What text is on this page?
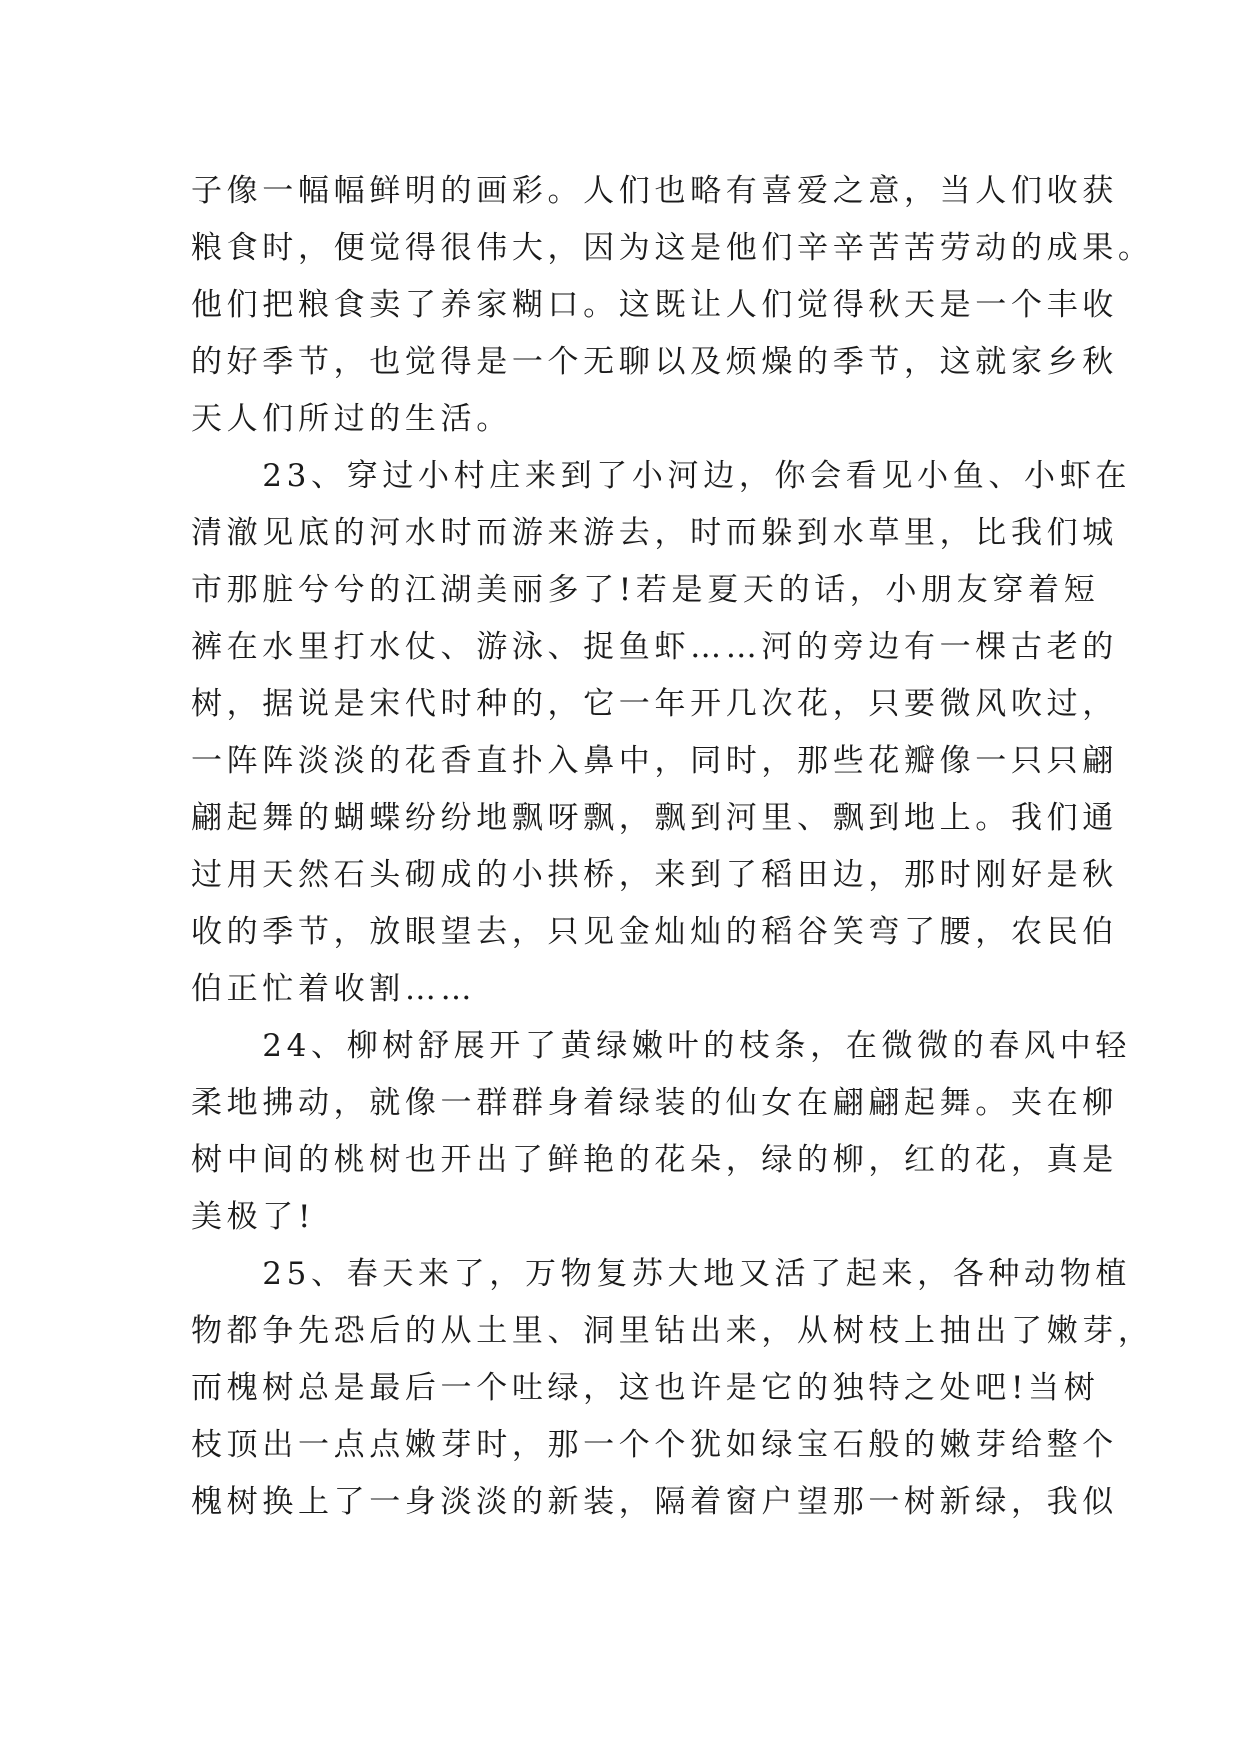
子像一幅幅鲜明的画彩。人们也略有喜爱之意，当人们收获
粮食时，便觉得很伟大，因为这是他们辛辛苦苦劳动的成果。
他们把粮食卖了养家糊口。这既让人们觉得秋天是一个丰收
的好季节，也觉得是一个无聊以及烦燥的季节，这就家乡秋
天人们所过的生活。
　　23、穿过小村庄来到了小河边，你会看见小鱼、小虾在
清澈见底的河水时而游来游去，时而躲到水草里，比我们城
市那脏兮兮的江湖美丽多了!若是夏天的话，小朋友穿着短
裤在水里打水仗、游泳、捉鱼虾……河的旁边有一棵古老的
树，据说是宋代时种的，它一年开几次花，只要微风吹过，
一阵阵淡淡的花香直扑入鼻中，同时，那些花瓣像一只只翩
翩起舞的蝴蝶纷纷地飘呀飘，飘到河里、飘到地上。我们通
过用天然石头砌成的小拱桥，来到了稻田边，那时刚好是秋
收的季节，放眼望去，只见金灿灿的稻谷笑弯了腰，农民伯
伯正忙着收割……
　　24、柳树舒展开了黄绿嫩叶的枝条，在微微的春风中轻
柔地拂动，就像一群群身着绿装的仙女在翩翩起舞。夹在柳
树中间的桃树也开出了鲜艳的花朵，绿的柳，红的花，真是
美极了!
　　25、春天来了，万物复苏大地又活了起来，各种动物植
物都争先恐后的从土里、洞里钻出来，从树枝上抽出了嫩芽，
而槐树总是最后一个吐绿，这也许是它的独特之处吧!当树
枝顶出一点点嫩芽时，那一个个犹如绿宝石般的嫩芽给整个
槐树换上了一身淡淡的新装，隔着窗户望那一树新绿，我似
